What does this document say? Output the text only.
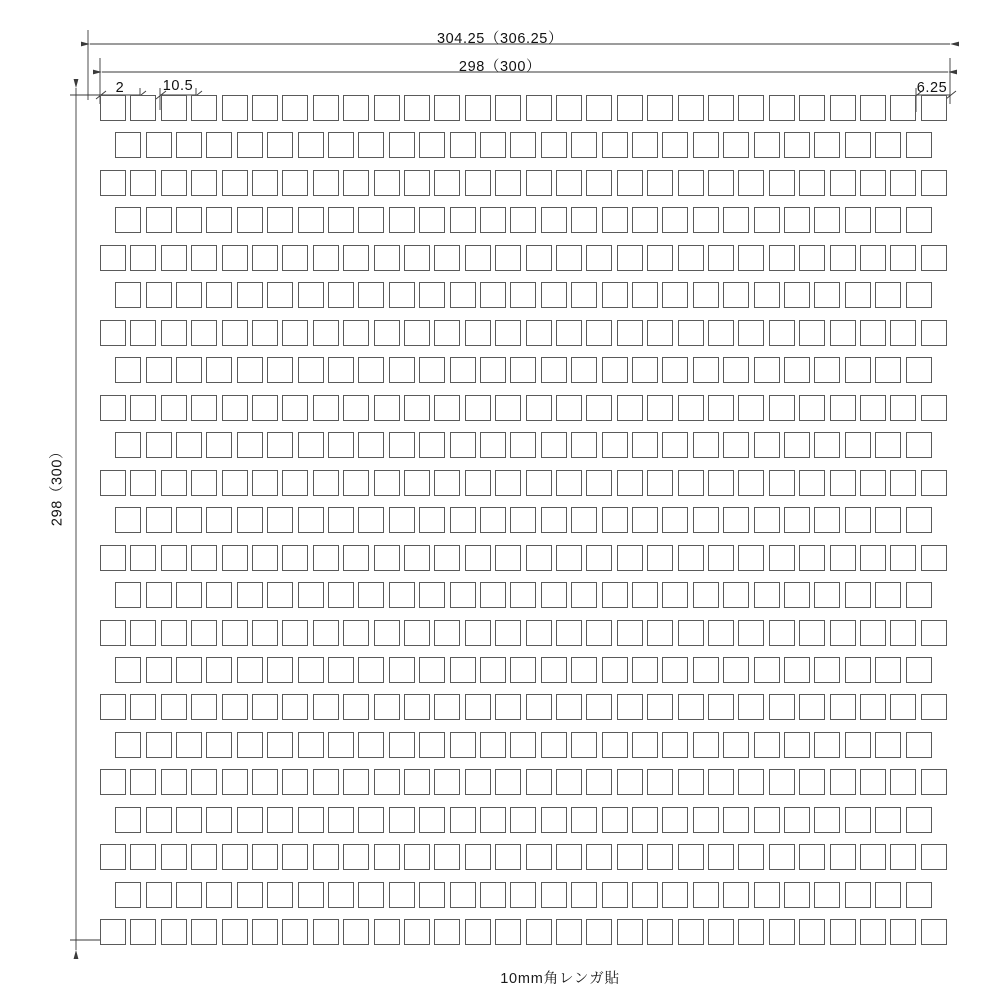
304.25（306.25）
298（300）
2	10.5	6.25
298（300）
10mm角レンガ貼
